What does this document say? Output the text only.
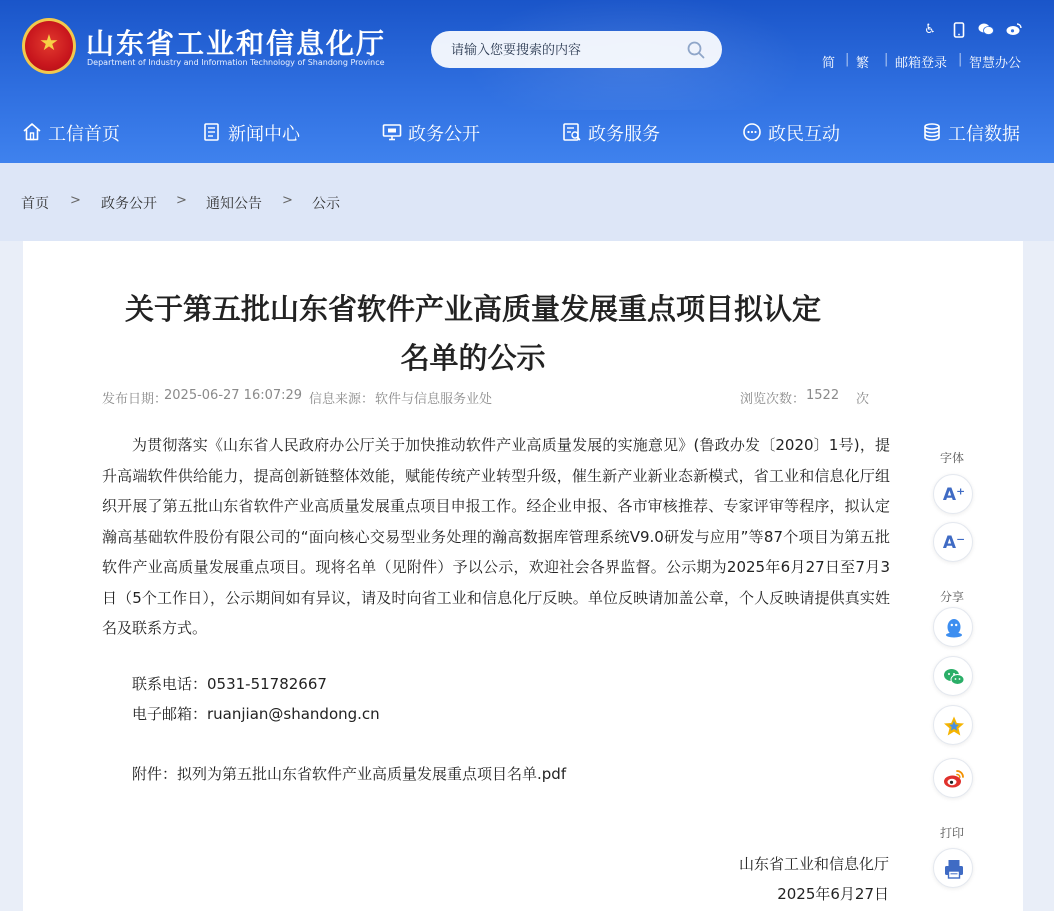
★ 山东省工业和信息化厅
Department of Industry and Information Technology of Shandong Province
请输入您要搜索的内容
♿
简 | 繁 | 邮箱登录 | 智慧办公
工信首页	新闻中心	政务公开	政务服务	政民互动	工信数据
首页 > 政务公开 > 通知公告 > 公示
关于第五批山东省软件产业高质量发展重点项目拟认定
名单的公示
发布日期：
2025-06-27 16:07:29 信息来源： 软件与信息服务业处	浏览次数： 1522 次

为贯彻落实《山东省人民政府办公厅关于加快推动软件产业高质量发展的实施意见》(鲁政办发〔2020〕1号)，提升高端软件供给能力，提高创新链整体效能，赋能传统产业转型升级，催生新产业新业态新模式，省工业和信息化厅组织开展了第五批山东省软件产业高质量发展重点项目申报工作。经企业申报、各市审核推荐、专家评审等程序，拟认定瀚高基础软件股份有限公司的“面向核心交易型业务处理的瀚高数据库管理系统V9.0研发与应用”等87个项目为第五批软件产业高质量发展重点项目。现将名单（见附件）予以公示，欢迎社会各界监督。公示期为2025年6月27日至7月3日（5个工作日），公示期间如有异议，请及时向省工业和信息化厅反映。单位反映请加盖公章，个人反映请提供真实姓名及联系方式。

联系电话：0531-51782667
电子邮箱：ruanjian@shandong.cn
附件：拟列为第五批山东省软件产业高质量发展重点项目名单.pdf
山东省工业和信息化厅
2025年6月27日
字体
A⁺
A⁻
分享
打印
